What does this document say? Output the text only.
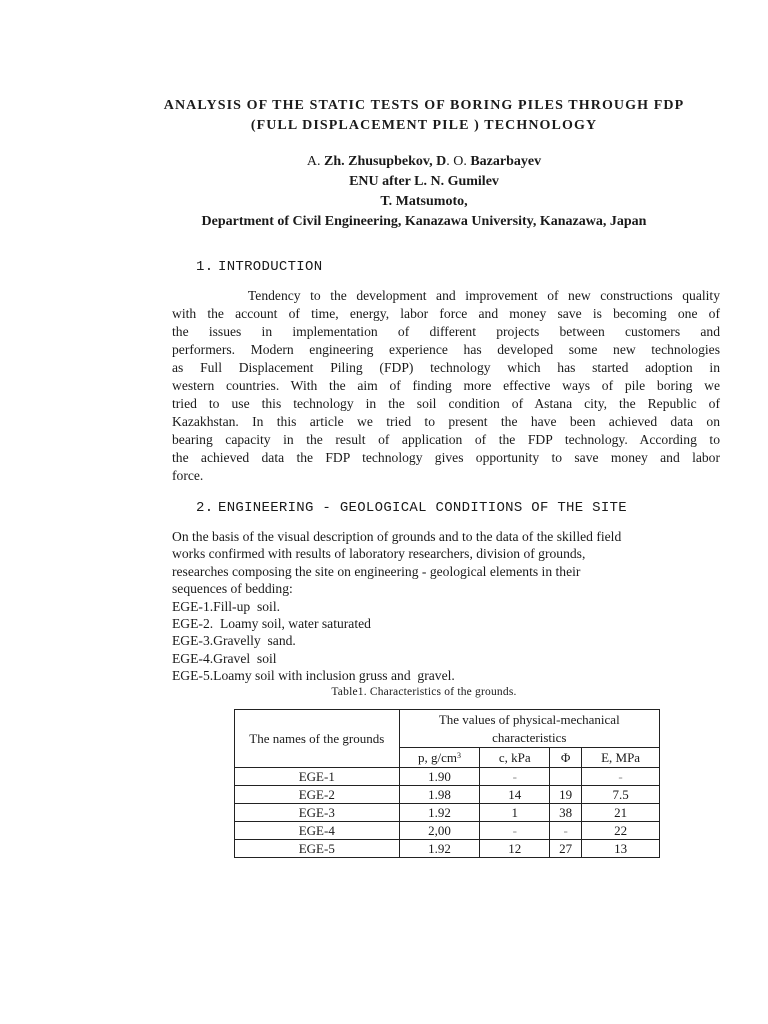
ANALYSIS OF THE STATIC TESTS OF BORING PILES THROUGH FDP
(FULL DISPLACEMENT PILE ) TECHNOLOGY
A. Zh. Zhusupbekov, D. O. Bazarbayev
ENU after L. N. Gumilev
T. Matsumoto,
Department of Civil Engineering, Kanazawa University, Kanazawa, Japan
1. INTRODUCTION
Tendency to the development and improvement of new constructions quality
with the account of time, energy, labor force and money save is becoming one of
the issues in implementation of different projects between customers and
performers. Modern engineering experience has developed some new technologies
as Full Displacement Piling (FDP) technology which has started adoption in
western countries. With the aim of finding more effective ways of pile boring we
tried to use this technology in the soil condition of Astana city, the Republic of
Kazakhstan. In this article we tried to present the have been achieved data on
bearing capacity in the result of application of the FDP technology. According to
the achieved data the FDP technology gives opportunity to save money and labor
force.
2. ENGINEERING - GEOLOGICAL CONDITIONS OF THE SITE
On the basis of the visual description of grounds and to the data of the skilled field
works confirmed with results of laboratory researchers, division of grounds,
researches composing the site on engineering - geological elements in their
sequences of bedding:
EGE-1.Fill-up  soil.
EGE-2.  Loamy soil, water saturated
EGE-3.Gravelly  sand.
EGE-4.Gravel  soil
EGE-5.Loamy soil with inclusion gruss and  gravel.
Table1. Characteristics of the grounds.
The names of the grounds	The values of physical-mechanical characteristics			
	p, $g/cm^3$	c, kPa	Φ	E, MPa
EGE-1	1.90	-		-
EGE-2	1.98	14	19	7.5
EGE-3	1.92	1	38	21
EGE-4	2,00	-	-	22
EGE-5	1.92	12	27	13
